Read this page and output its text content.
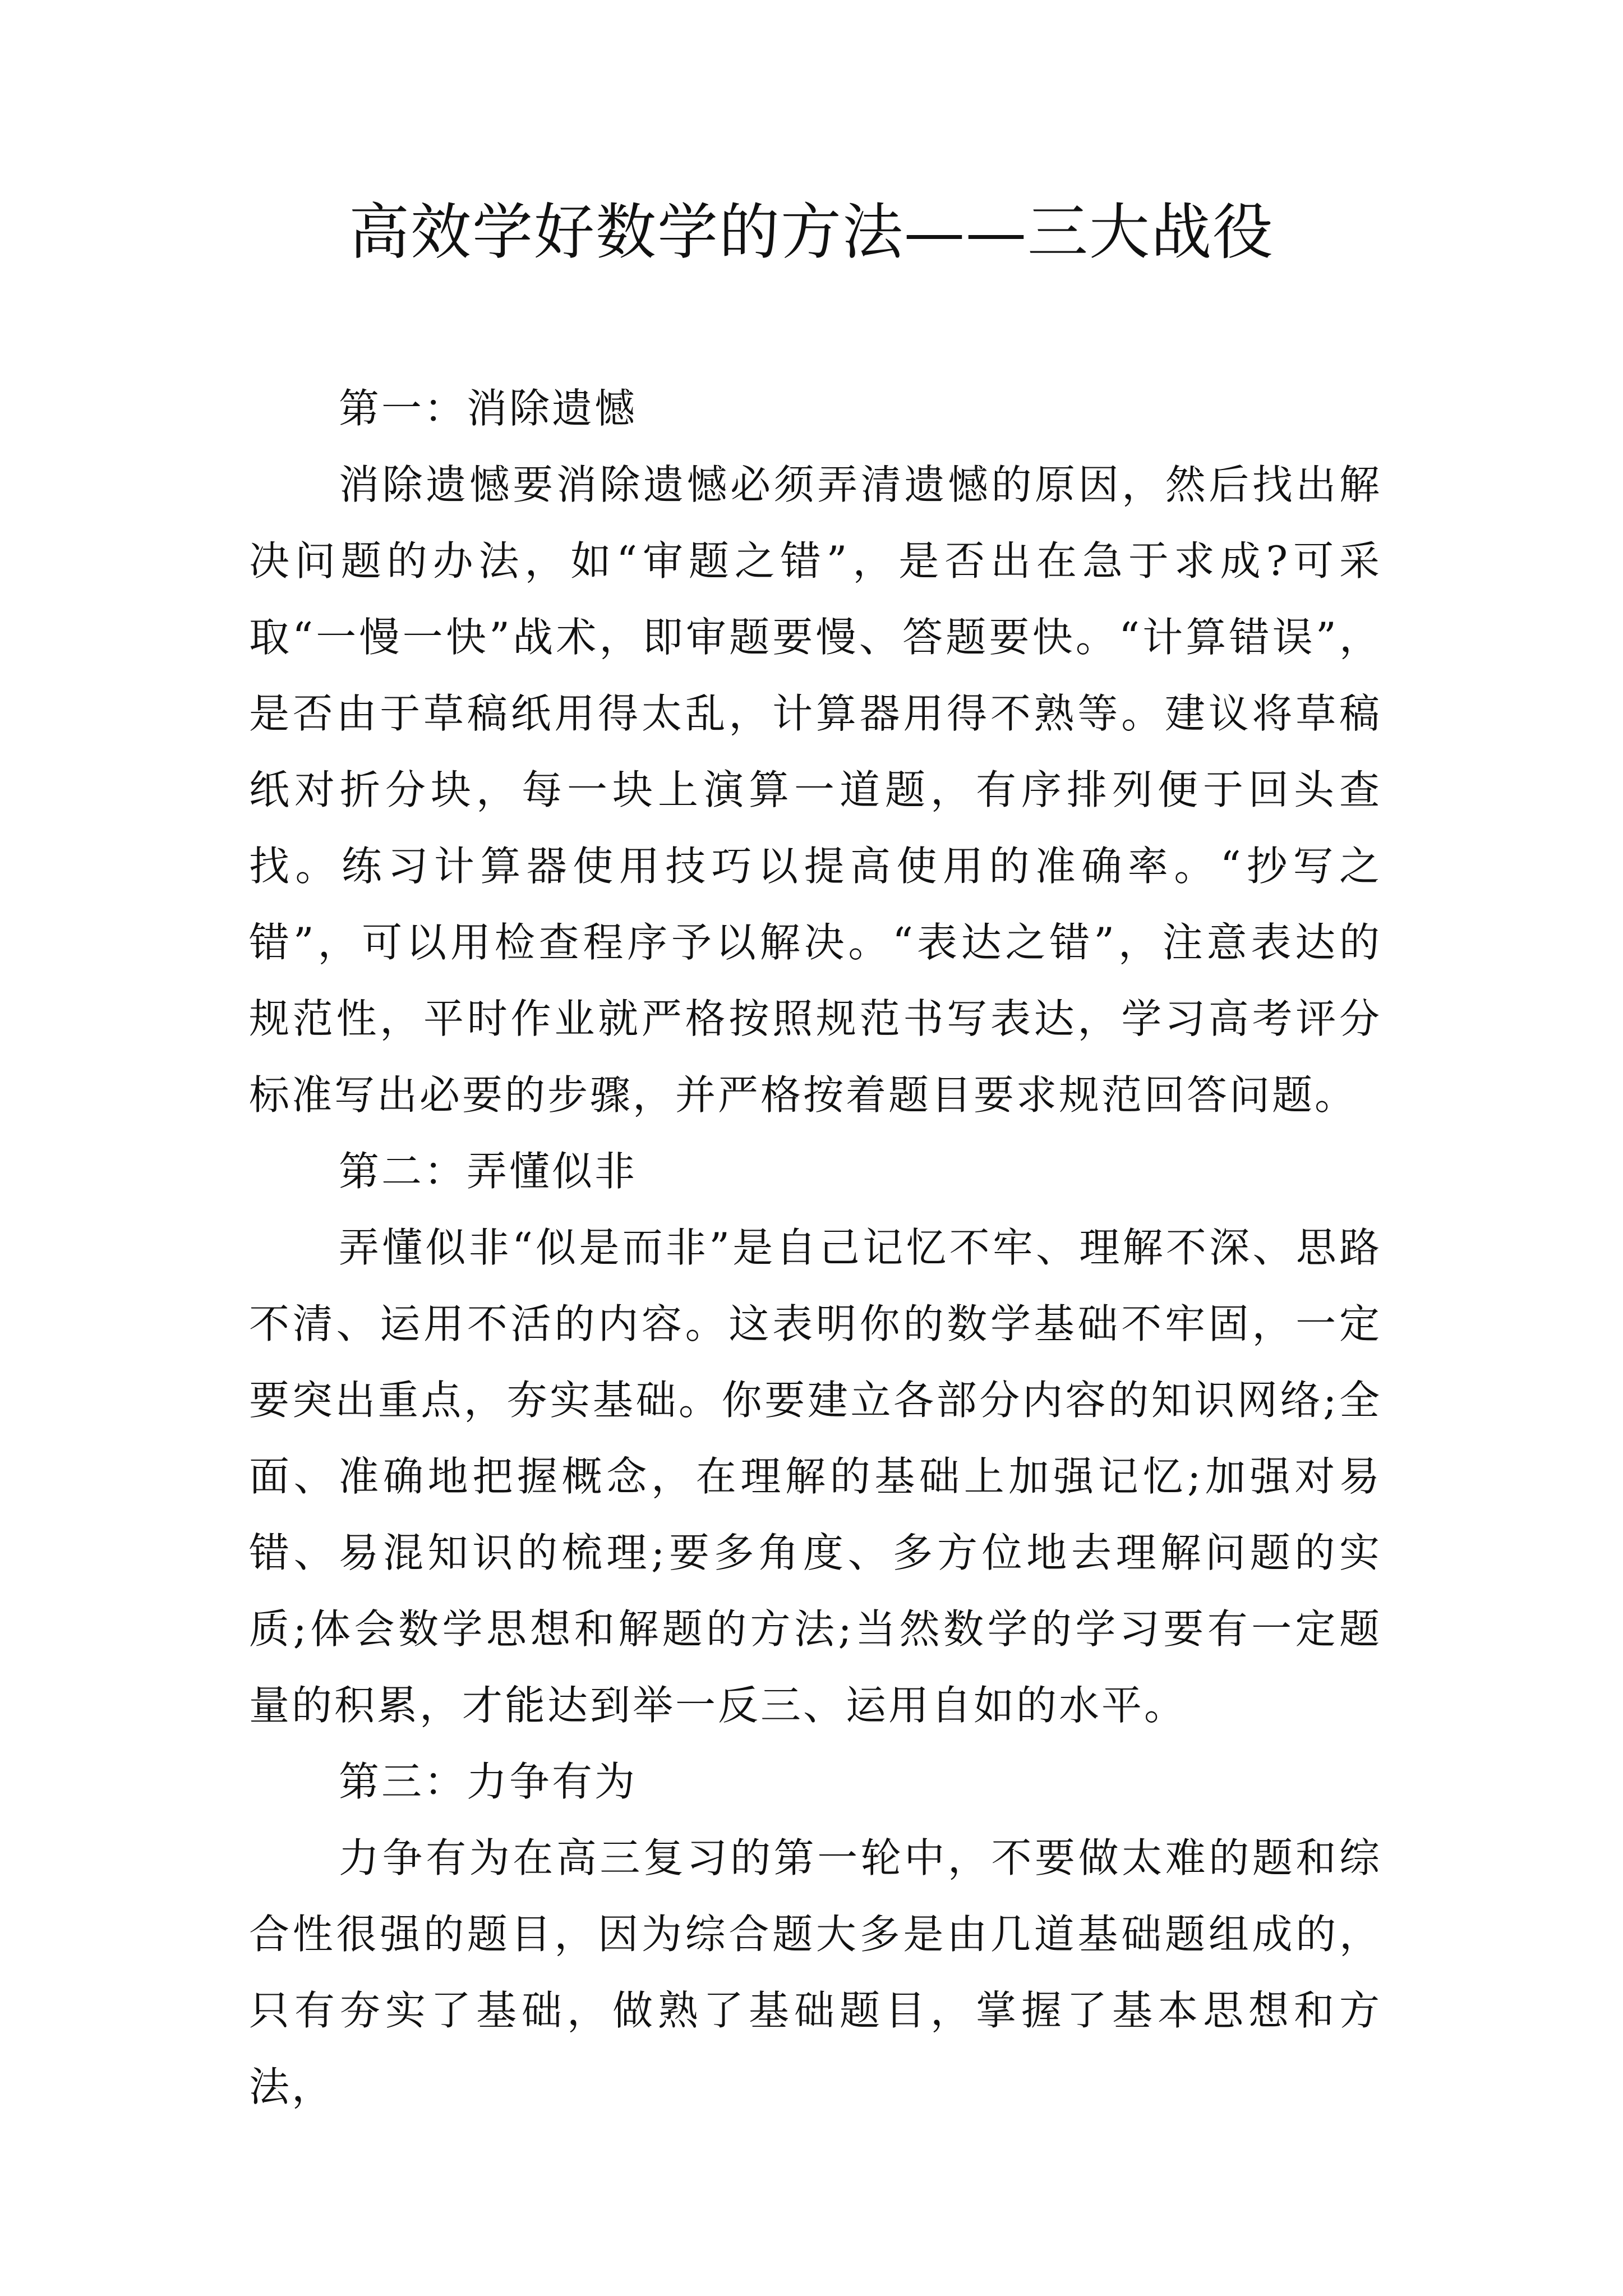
高效学好数学的方法——三大战役

第一：消除遗憾

消除遗憾要消除遗憾必须弄清遗憾的原因，然后找出解决问题的办法，如“审题之错”，是否出在急于求成?可采取“一慢一快”战术，即审题要慢、答题要快。“计算错误”，是否由于草稿纸用得太乱，计算器用得不熟等。建议将草稿纸对折分块，每一块上演算一道题，有序排列便于回头查找。练习计算器使用技巧以提高使用的准确率。“抄写之错”，可以用检查程序予以解决。“表达之错”，注意表达的规范性，平时作业就严格按照规范书写表达，学习高考评分标准写出必要的步骤，并严格按着题目要求规范回答问题。

第二：弄懂似非

弄懂似非“似是而非”是自己记忆不牢、理解不深、思路不清、运用不活的内容。这表明你的数学基础不牢固，一定要突出重点，夯实基础。你要建立各部分内容的知识网络;全面、准确地把握概念，在理解的基础上加强记忆;加强对易错、易混知识的梳理;要多角度、多方位地去理解问题的实质;体会数学思想和解题的方法;当然数学的学习要有一定题量的积累，才能达到举一反三、运用自如的水平。

第三：力争有为

力争有为在高三复习的第一轮中，不要做太难的题和综合性很强的题目，因为综合题大多是由几道基础题组成的，只有夯实了基础，做熟了基础题目，掌握了基本思想和方法，
